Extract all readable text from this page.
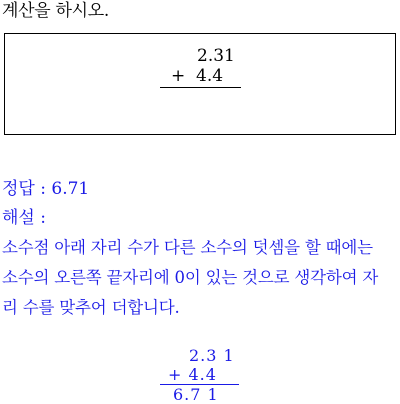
계산을 하시오.
2.31
+  4.4
정답 : 6.71
해설 :
소수점 아래 자리 수가 다른 소수의 덧셈을 할 때에는
소수의 오른쪽 끝자리에 0이 있는 것으로 생각하여 자
리 수를 맞추어 더합니다.
2.3 1
+ 4.4
6.7 1
